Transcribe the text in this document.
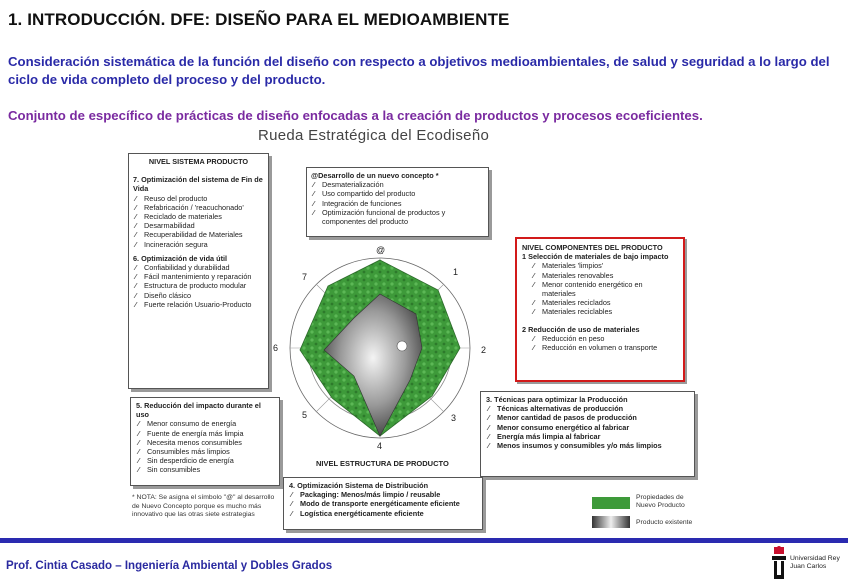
1. INTRODUCCIÓN. DFE: DISEÑO PARA EL MEDIOAMBIENTE
Consideración sistemática de la función del diseño con respecto a objetivos medioambientales, de salud y seguridad a lo largo del ciclo de vida completo del proceso y del producto.
Conjunto de específico de prácticas de diseño enfocadas a la creación de productos y procesos ecoeficientes.
Rueda Estratégica del Ecodiseño
NIVEL SISTEMA PRODUCTO
7. Optimización del sistema de Fin de Vida
∕ Reuso del producto
∕ Refabricación / 'reacuchonado'
∕ Reciclado de materiales
∕ Desarmabilidad
∕ Recuperabilidad de Materiales
∕ Incineración segura
6. Optimización de vida útil
∕ Confiabilidad y durabilidad
∕ Fácil mantenimiento y reparación
∕ Estructura de producto modular
∕ Diseño clásico
∕ Fuerte relación Usuario-Producto
@Desarrollo de un nuevo concepto *
∕ Desmaterialización
∕ Uso compartido del producto
∕ Integración de funciones
∕ Optimización funcional de productos y componentes del producto
NIVEL COMPONENTES DEL PRODUCTO
1 Selección de materiales de bajo impacto
∕ Materiales 'limpios'
∕ Materiales renovables
∕ Menor contenido energético en materiales
∕ Materiales reciclados
∕ Materiales reciclables
2 Reducción de uso de materiales
∕ Reducción en peso
∕ Reducción en volumen o transporte
@
1
2
3
4
5
6
7
NIVEL ESTRUCTURA DE PRODUCTO
3. Técnicas para optimizar la Producción
∕ Técnicas alternativas de producción
∕ Menor cantidad de pasos de producción
∕ Menor consumo energético al fabricar
∕ Energía más limpia al fabricar
∕ Menos insumos y consumibles y/o más limpios
5. Reducción del impacto durante el uso
∕ Menor consumo de energía
∕ Fuente de energía más limpia
∕ Necesita menos consumibles
∕ Consumibles más limpios
∕ Sin desperdicio de energía
∕ Sin consumibles
4. Optimización Sistema de Distribución
∕ Packaging: Menos/más limpio / reusable
∕ Modo de transporte energéticamente eficiente
∕ Logística energéticamente eficiente
* NOTA: Se asigna el símbolo "@" al desarrollo de Nuevo Concepto porque es mucho más innovativo que las otras siete estrategias
Propiedades de Nuevo Producto
Producto existente
Prof. Cintia Casado – Ingeniería Ambiental y Dobles Grados
Universidad Rey Juan Carlos
